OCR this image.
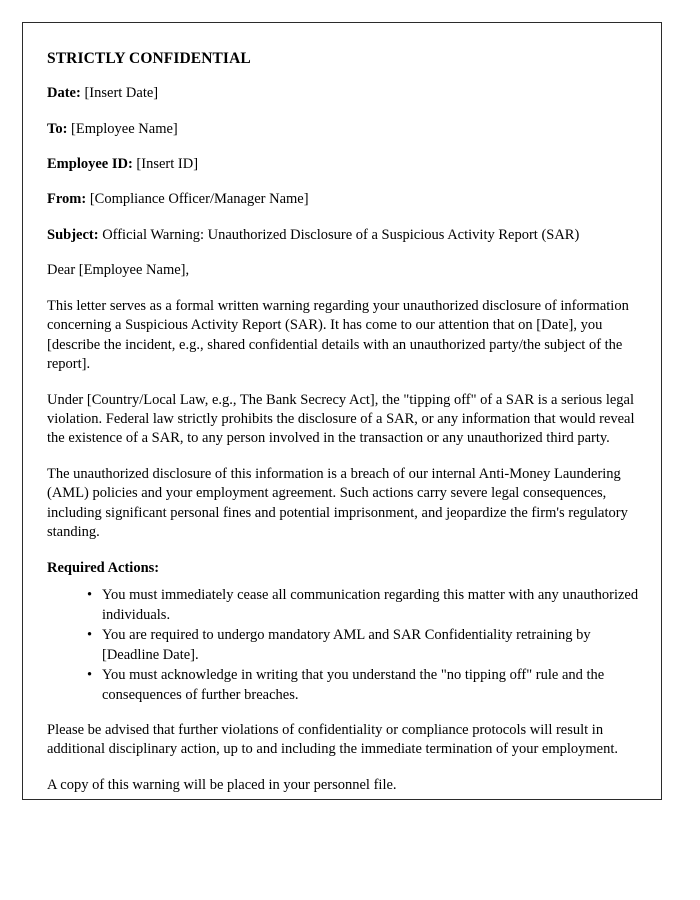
STRICTLY CONFIDENTIAL
Date: [Insert Date]
To: [Employee Name]
Employee ID: [Insert ID]
From: [Compliance Officer/Manager Name]
Subject: Official Warning: Unauthorized Disclosure of a Suspicious Activity Report (SAR)
Dear [Employee Name],

This letter serves as a formal written warning regarding your unauthorized disclosure of information concerning a Suspicious Activity Report (SAR). It has come to our attention that on [Date], you [describe the incident, e.g., shared confidential details with an unauthorized party/the subject of the report].

Under [Country/Local Law, e.g., The Bank Secrecy Act], the "tipping off" of a SAR is a serious legal violation. Federal law strictly prohibits the disclosure of a SAR, or any information that would reveal the existence of a SAR, to any person involved in the transaction or any unauthorized third party.

The unauthorized disclosure of this information is a breach of our internal Anti-Money Laundering (AML) policies and your employment agreement. Such actions carry severe legal consequences, including significant personal fines and potential imprisonment, and jeopardize the firm's regulatory standing.

Required Actions:
• You must immediately cease all communication regarding this matter with any unauthorized individuals.
• You are required to undergo mandatory AML and SAR Confidentiality retraining by [Deadline Date].
• You must acknowledge in writing that you understand the "no tipping off" rule and the consequences of further breaches.

Please be advised that further violations of confidentiality or compliance protocols will result in additional disciplinary action, up to and including the immediate termination of your employment.

A copy of this warning will be placed in your personnel file.
